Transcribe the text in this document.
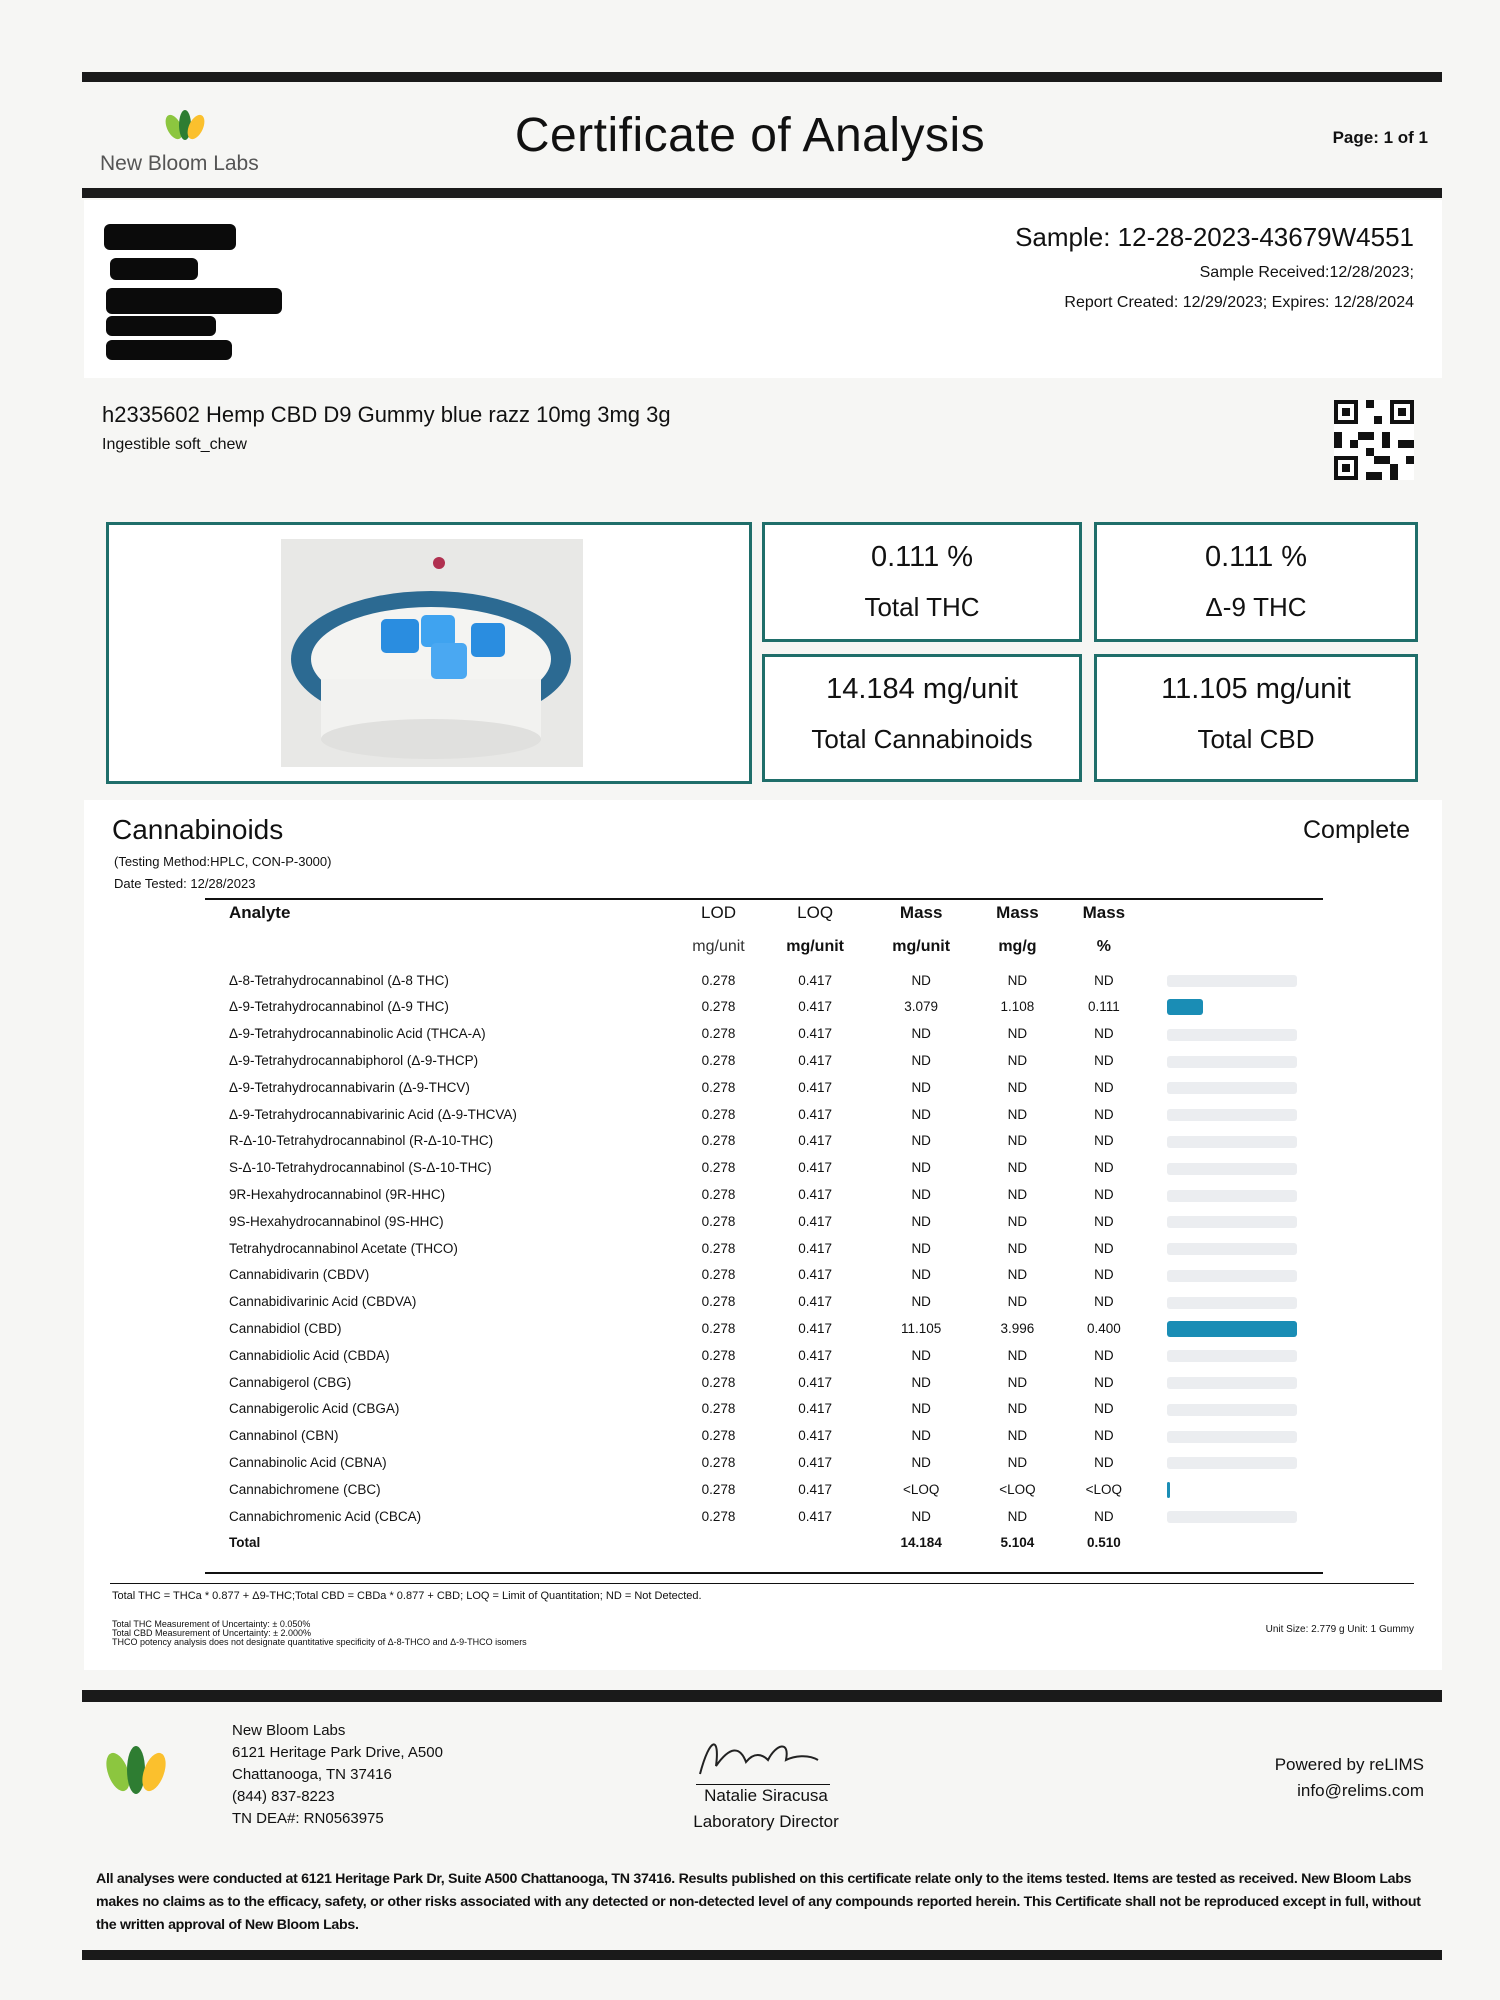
New Bloom Labs
Certificate of Analysis	Page: 1 of 1
Sample: 12-28-2023-43679W4551
Sample Received:12/28/2023;
Report Created: 12/29/2023; Expires: 12/28/2024
h2335602 Hemp CBD D9 Gummy blue razz 10mg 3mg 3g
Ingestible soft_chew
0.111 %
Total THC
0.111 %
Δ-9 THC
14.184 mg/unit
Total Cannabinoids
11.105 mg/unit
Total CBD
Cannabinoids	Complete
(Testing Method:HPLC, CON-P-3000)
Date Tested: 12/28/2023
Analyte	LOD	LOQ	Mass	Mass	Mass	
	mg/unit	mg/unit	mg/unit	mg/g	%	
Δ-8-Tetrahydrocannabinol (Δ-8 THC)	0.278	0.417	ND	ND	ND	
Δ-9-Tetrahydrocannabinol (Δ-9 THC)	0.278	0.417	3.079	1.108	0.111	
Δ-9-Tetrahydrocannabinolic Acid (THCA-A)	0.278	0.417	ND	ND	ND	
Δ-9-Tetrahydrocannabiphorol (Δ-9-THCP)	0.278	0.417	ND	ND	ND	
Δ-9-Tetrahydrocannabivarin (Δ-9-THCV)	0.278	0.417	ND	ND	ND	
Δ-9-Tetrahydrocannabivarinic Acid (Δ-9-THCVA)	0.278	0.417	ND	ND	ND	
R-Δ-10-Tetrahydrocannabinol (R-Δ-10-THC)	0.278	0.417	ND	ND	ND	
S-Δ-10-Tetrahydrocannabinol (S-Δ-10-THC)	0.278	0.417	ND	ND	ND	
9R-Hexahydrocannabinol (9R-HHC)	0.278	0.417	ND	ND	ND	
9S-Hexahydrocannabinol (9S-HHC)	0.278	0.417	ND	ND	ND	
Tetrahydrocannabinol Acetate (THCO)	0.278	0.417	ND	ND	ND	
Cannabidivarin (CBDV)	0.278	0.417	ND	ND	ND	
Cannabidivarinic Acid (CBDVA)	0.278	0.417	ND	ND	ND	
Cannabidiol (CBD)	0.278	0.417	11.105	3.996	0.400	
Cannabidiolic Acid (CBDA)	0.278	0.417	ND	ND	ND	
Cannabigerol (CBG)	0.278	0.417	ND	ND	ND	
Cannabigerolic Acid (CBGA)	0.278	0.417	ND	ND	ND	
Cannabinol (CBN)	0.278	0.417	ND	ND	ND	
Cannabinolic Acid (CBNA)	0.278	0.417	ND	ND	ND	
Cannabichromene (CBC)	0.278	0.417	<LOQ	<LOQ	<LOQ	
Cannabichromenic Acid (CBCA)	0.278	0.417	ND	ND	ND	
Total			14.184	5.104	0.510	
Total THC = THCa * 0.877 + Δ9-THC;Total CBD = CBDa * 0.877 + CBD; LOQ = Limit of Quantitation; ND = Not Detected.
Total THC Measurement of Uncertainty: ± 0.050%
Total CBD Measurement of Uncertainty: ± 2.000%
THCO potency analysis does not designate quantitative specificity of Δ-8-THCO and Δ-9-THCO isomers
Unit Size: 2.779 g Unit: 1 Gummy
New Bloom Labs
6121 Heritage Park Drive, A500
Chattanooga, TN 37416
(844) 837-8223
TN DEA#: RN0563975
Natalie Siracusa
Laboratory Director
Powered by reLIMS
info@relims.com
All analyses were conducted at 6121 Heritage Park Dr, Suite A500 Chattanooga, TN 37416. Results published on this certificate relate only to the items tested. Items are tested as received. New Bloom Labs makes no claims as to the efficacy, safety, or other risks associated with any detected or non-detected level of any compounds reported herein. This Certificate shall not be reproduced except in full, without the written approval of New Bloom Labs.
